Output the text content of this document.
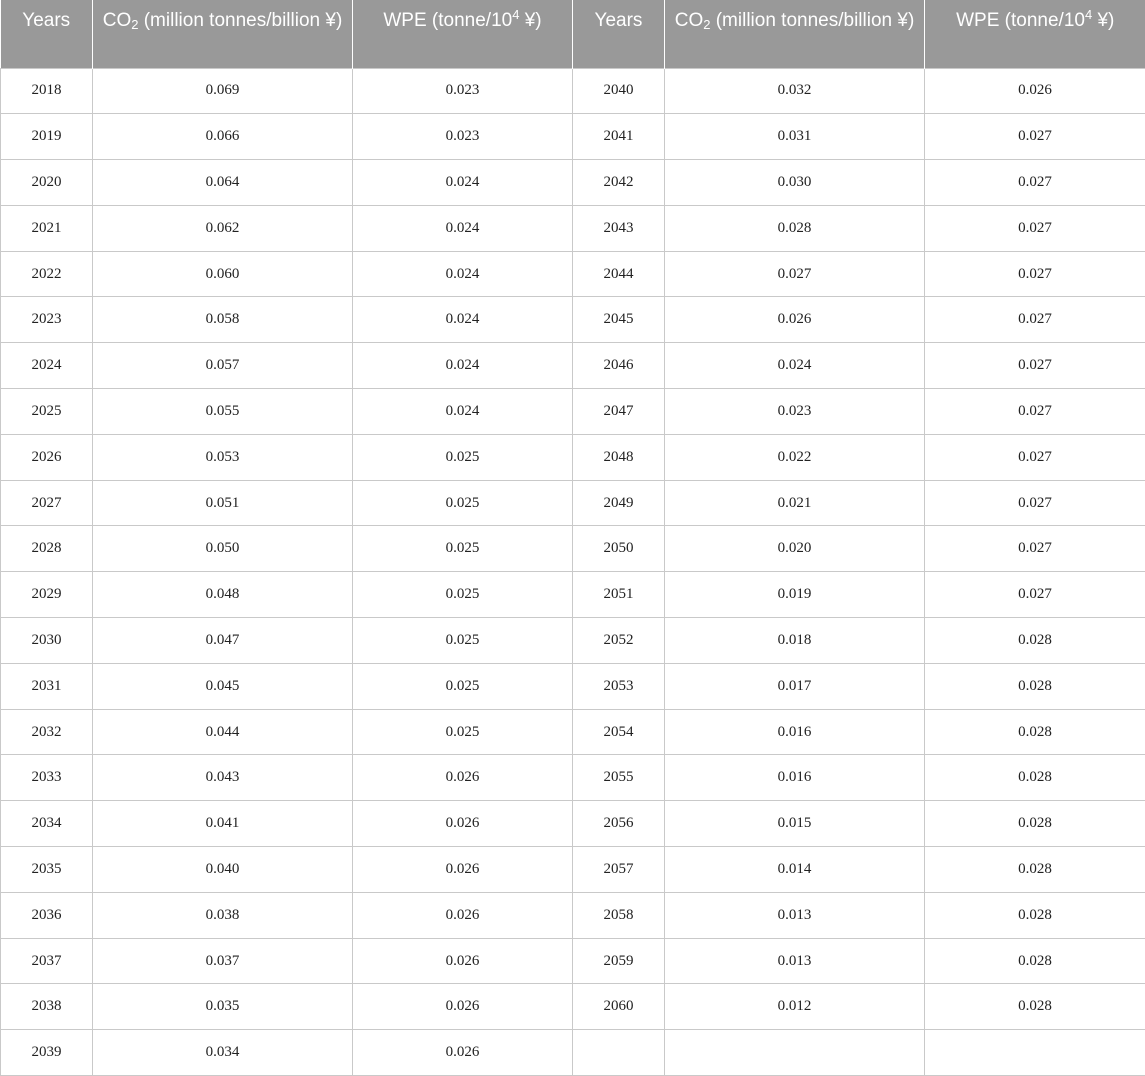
Years	$CO_2$ (million tonnes/billion ¥)	WPE ($tonne/10^4$ ¥)	Years	$CO_2$ (million tonnes/billion ¥)	WPE ($tonne/10^4$ ¥)

2018	0.069	0.023	2040	0.032	0.026
2019	0.066	0.023	2041	0.031	0.027
2020	0.064	0.024	2042	0.030	0.027
2021	0.062	0.024	2043	0.028	0.027
2022	0.060	0.024	2044	0.027	0.027
2023	0.058	0.024	2045	0.026	0.027
2024	0.057	0.024	2046	0.024	0.027
2025	0.055	0.024	2047	0.023	0.027
2026	0.053	0.025	2048	0.022	0.027
2027	0.051	0.025	2049	0.021	0.027
2028	0.050	0.025	2050	0.020	0.027
2029	0.048	0.025	2051	0.019	0.027
2030	0.047	0.025	2052	0.018	0.028
2031	0.045	0.025	2053	0.017	0.028
2032	0.044	0.025	2054	0.016	0.028
2033	0.043	0.026	2055	0.016	0.028
2034	0.041	0.026	2056	0.015	0.028
2035	0.040	0.026	2057	0.014	0.028
2036	0.038	0.026	2058	0.013	0.028
2037	0.037	0.026	2059	0.013	0.028
2038	0.035	0.026	2060	0.012	0.028
2039	0.034	0.026			
